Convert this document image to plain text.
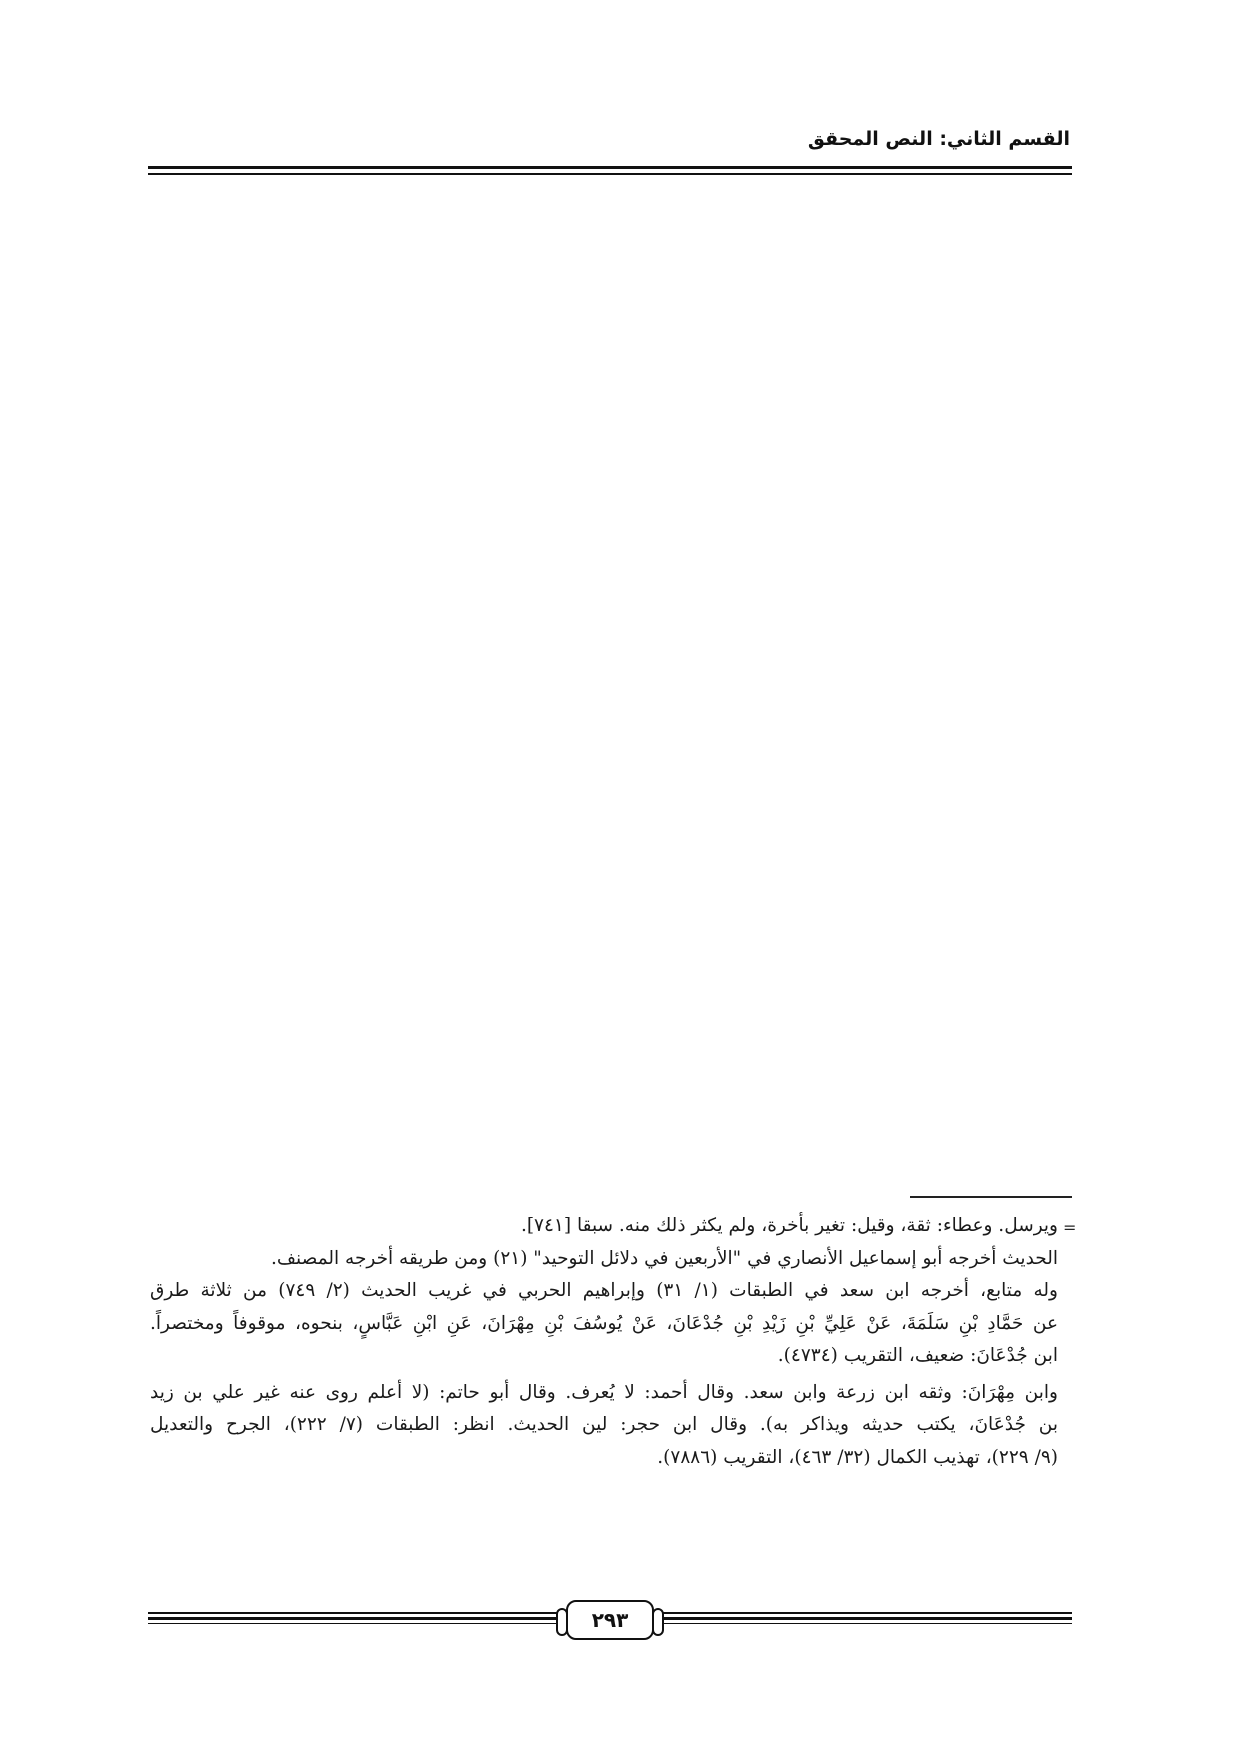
القسم الثاني: النص المحقق
=
ويرسل. وعطاء: ثقة، وقيل: تغير بأخرة، ولم يكثر ذلك منه. سبقا [٧٤١].
الحديث أخرجه أبو إسماعيل الأنصاري في "الأربعين في دلائل التوحيد" (٢١) ومن طريقه أخرجه المصنف.
وله متابع، أخرجه ابن سعد في الطبقات (١/ ٣١) وإبراهيم الحربي في غريب الحديث (٢/ ٧٤٩) من ثلاثة طرق
عن حَمَّادِ بْنِ سَلَمَةَ، عَنْ عَلِيِّ بْنِ زَيْدِ بْنِ جُدْعَانَ، عَنْ يُوسُفَ بْنِ مِهْرَانَ، عَنِ ابْنِ عَبَّاسٍ، بنحوه، موقوفاً ومختصراً.
ابن جُدْعَانَ: ضعيف، التقريب (٤٧٣٤).
وابن مِهْرَانَ: وثقه ابن زرعة وابن سعد. وقال أحمد: لا يُعرف. وقال أبو حاتم: (لا أعلم روى عنه غير علي بن زيد
بن جُدْعَانَ، يكتب حديثه ويذاكر به). وقال ابن حجر: لين الحديث. انظر: الطبقات (٧/ ٢٢٢)، الجرح والتعديل
(٩/ ٢٢٩)، تهذيب الكمال (٣٢/ ٤٦٣)، التقريب (٧٨٨٦).
٢٩٣
